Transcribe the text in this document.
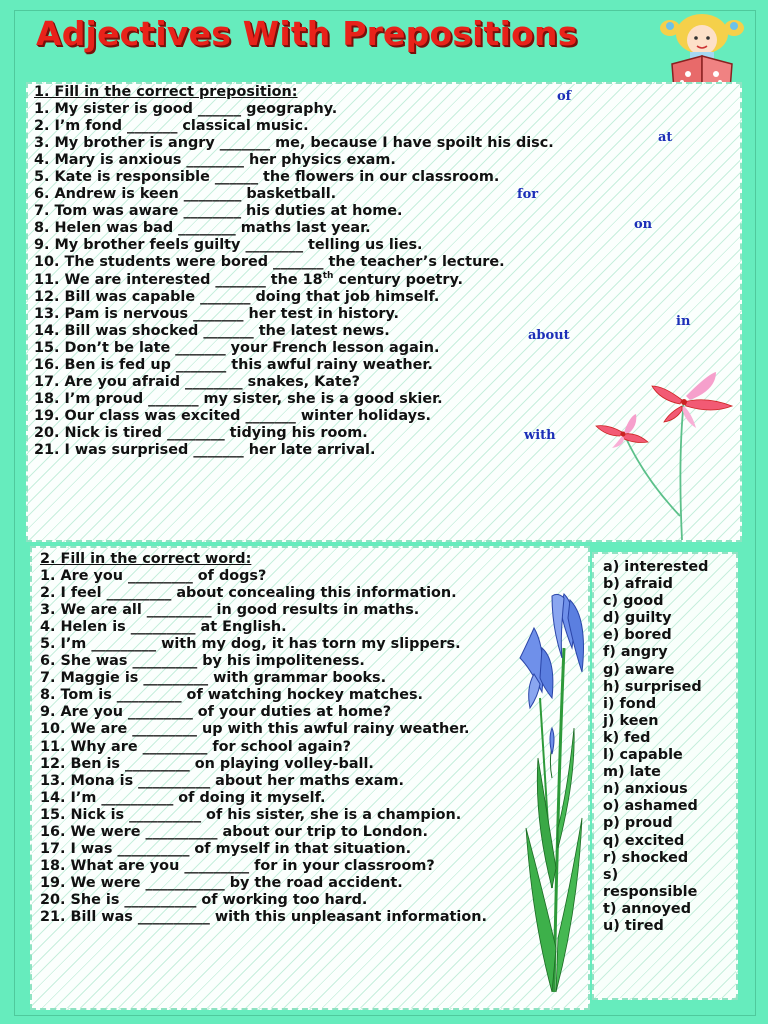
Adjectives With Prepositions
1. Fill in the correct preposition:
1. My sister is good ______ geography.
2. I’m fond _______ classical music.
3. My brother is angry _______ me, because I have spoilt his disc.
4. Mary is anxious ________ her physics exam.
5. Kate is responsible ______ the flowers in our classroom.
6. Andrew is keen ________ basketball.
7. Tom was aware ________ his duties at home.
8. Helen was bad ________ maths last year.
9. My brother feels guilty ________ telling us lies.
10. The students were bored _______ the teacher’s lecture.
11. We are interested _______ the 18th century poetry.
12. Bill was capable _______ doing that job himself.
13. Pam is nervous _______ her test in history.
14. Bill was shocked _______ the latest news.
15. Don’t be late _______ your French lesson again.
16. Ben is fed up _______ this awful rainy weather.
17. Are you afraid ________ snakes, Kate?
18. I’m proud _______ my sister, she is a good skier.
19. Our class was excited _______ winter holidays.
20. Nick is tired ________ tidying his room.
21. I was surprised _______ her late arrival.
of
at
for
on
in
about
with
2. Fill in the correct word:
1. Are you _________ of dogs?
2. I feel _________ about concealing this information.
3. We are all _________ in good results in maths.
4. Helen is _________ at English.
5. I’m _________ with my dog, it has torn my slippers.
6. She was _________ by his impoliteness.
7. Maggie is _________ with grammar books.
8. Tom is _________ of watching hockey matches.
9. Are you _________ of your duties at home?
10. We are _________ up with this awful rainy weather.
11. Why are _________ for school again?
12. Ben is _________ on playing volley-ball.
13. Mona is __________ about her maths exam.
14. I’m __________ of doing it myself.
15. Nick is __________ of his sister, she is a champion.
16. We were __________ about our trip to London.
17. I was __________ of myself in that situation.
18. What are you _________ for in your classroom?
19. We were ___________ by the road accident.
20. She is __________ of working too hard.
21. Bill was __________ with this unpleasant information.
a) interested
b) afraid
c) good
d) guilty
e) bored
f) angry
g) aware
h) surprised
i) fond
j) keen
k) fed
l) capable
m) late
n) anxious
o) ashamed
p) proud
q) excited
r) shocked
s)
responsible
t) annoyed
u) tired
